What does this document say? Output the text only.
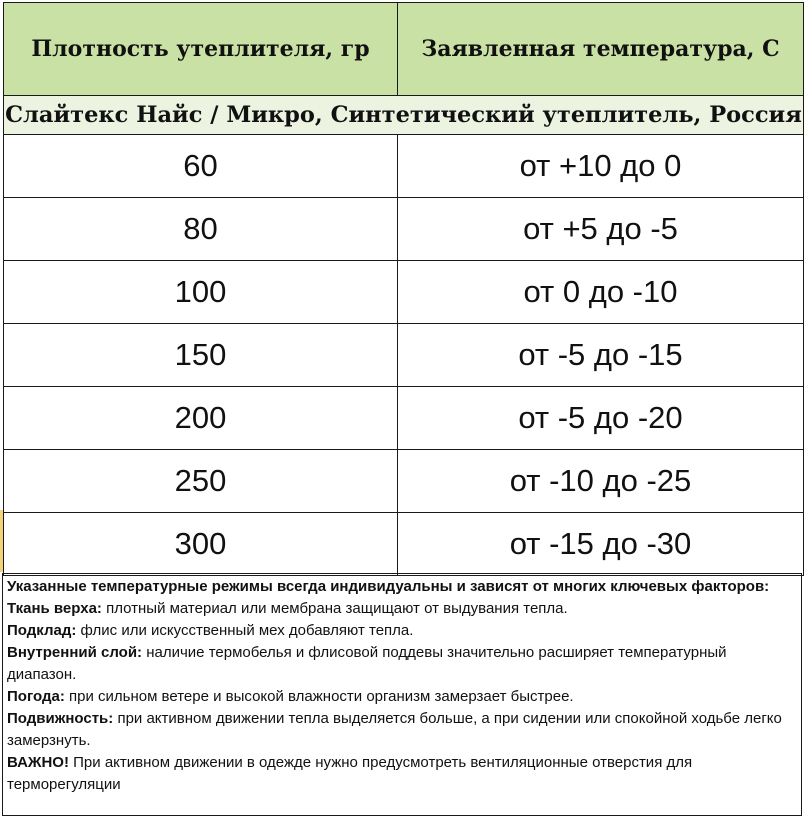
Плотность утеплителя, гр	Заявленная температура, С
Слайтекс Найс / Микро, Синтетический утеплитель, Россия	
60	от +10 до 0
80	от +5 до -5
100	от 0 до -10
150	от -5 до -15
200	от -5 до -20
250	от -10 до -25
300	от -15 до -30

Указанные температурные режимы всегда индивидуальны и зависят от многих ключевых факторов:

Ткань верха: плотный материал или мембрана защищают от выдувания тепла.

Подклад: флис или искусственный мех добавляют тепла.

Внутренний слой: наличие термобелья и флисовой поддевы значительно расширяет температурный диапазон.

Погода: при сильном ветере и высокой влажности организм замерзает быстрее.

Подвижность: при активном движении тепла выделяется больше, а при сидении или спокойной ходьбе легко замерзнуть.

ВАЖНО! При активном движении в одежде нужно предусмотреть вентиляционные отверстия для терморегуляции
